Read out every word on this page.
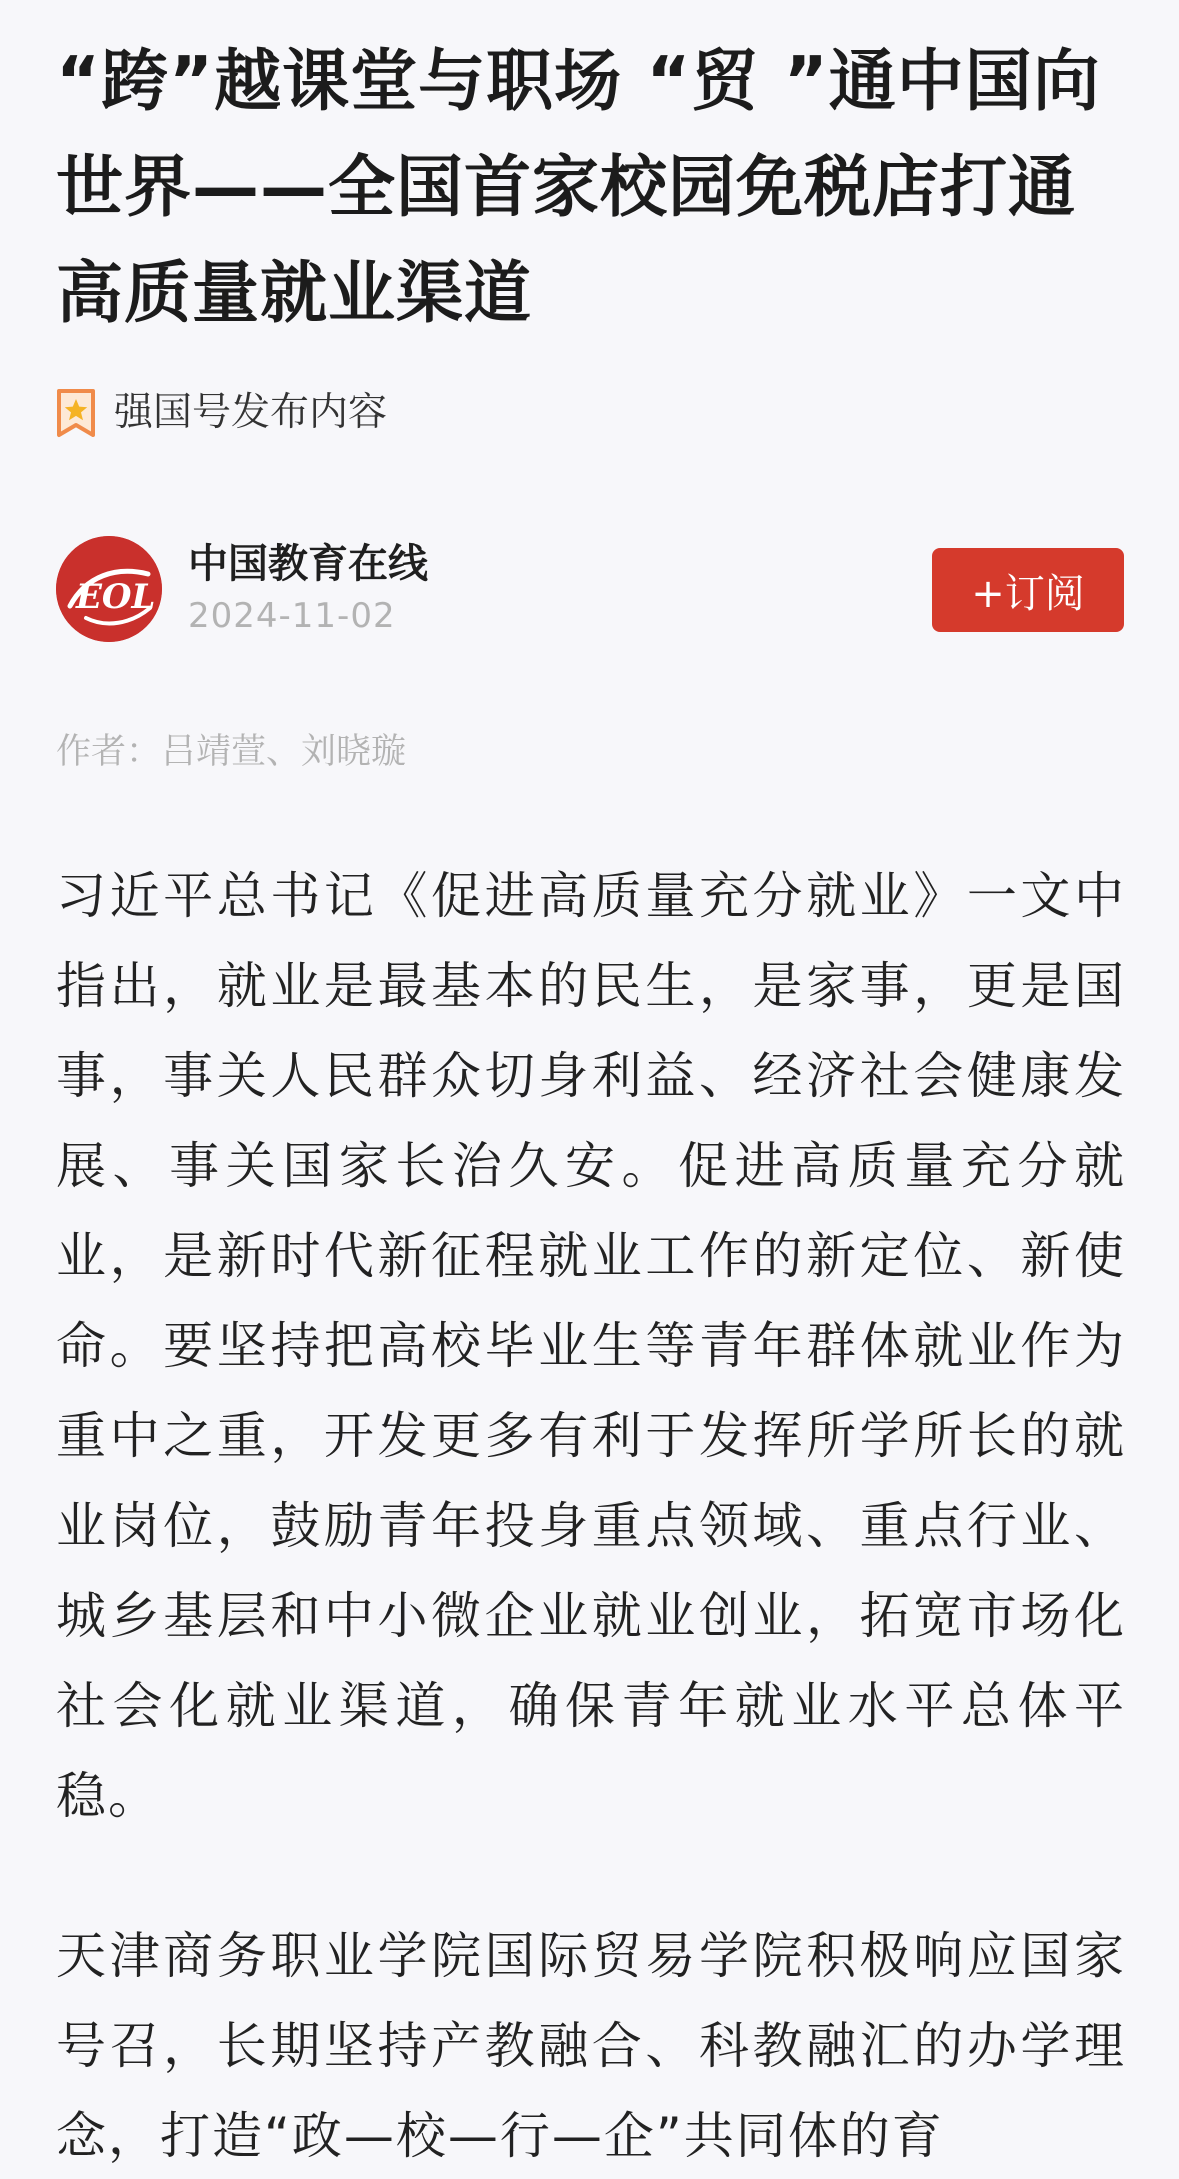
“跨”越课堂与职场 “贸 ”通中国向世界——全国首家校园免税店打通高质量就业渠道
强国号发布内容
EOL
中国教育在线
2024-11-02	+订阅
作者：吕靖萱、刘晓璇

习近平总书记《促进高质量充分就业》一文中指出，就业是最基本的民生，是家事，更是国事，事关人民群众切身利益、经济社会健康发展、事关国家长治久安。促进高质量充分就业，是新时代新征程就业工作的新定位、新使命。要坚持把高校毕业生等青年群体就业作为重中之重，开发更多有利于发挥所学所长的就业岗位，鼓励青年投身重点领域、重点行业、城乡基层和中小微企业就业创业，拓宽市场化社会化就业渠道，确保青年就业水平总体平稳。

天津商务职业学院国际贸易学院积极响应国家号召，长期坚持产教融合、科教融汇的办学理念，打造“政—校—行—企”共同体的育
